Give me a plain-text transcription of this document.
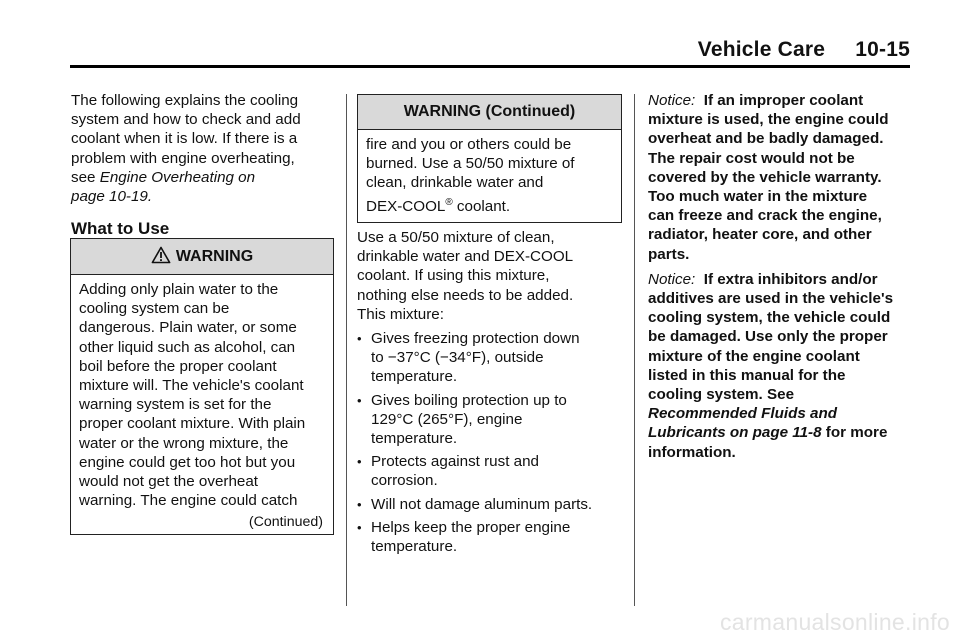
Vehicle Care     10-15
The following explains the cooling
system and how to check and add
coolant when it is low. If there is a
problem with engine overheating,
see Engine Overheating on
page 10-19.
What to Use
WARNING
Adding only plain water to the
cooling system can be
dangerous. Plain water, or some
other liquid such as alcohol, can
boil before the proper coolant
mixture will. The vehicle's coolant
warning system is set for the
proper coolant mixture. With plain
water or the wrong mixture, the
engine could get too hot but you
would not get the overheat
warning. The engine could catch
(Continued)
WARNING (Continued)
fire and you or others could be
burned. Use a 50/50 mixture of
clean, drinkable water and
DEX-COOL® coolant.
Use a 50/50 mixture of clean,
drinkable water and DEX-COOL
coolant. If using this mixture,
nothing else needs to be added.
This mixture:
• Gives freezing protection down
to −37°C (−34°F), outside
temperature.
• Gives boiling protection up to
129°C (265°F), engine
temperature.
• Protects against rust and
corrosion.
• Will not damage aluminum parts.
• Helps keep the proper engine
temperature.
Notice:  If an improper coolant
mixture is used, the engine could
overheat and be badly damaged.
The repair cost would not be
covered by the vehicle warranty.
Too much water in the mixture
can freeze and crack the engine,
radiator, heater core, and other
parts.
Notice:  If extra inhibitors and/or
additives are used in the vehicle's
cooling system, the vehicle could
be damaged. Use only the proper
mixture of the engine coolant
listed in this manual for the
cooling system. See
Recommended Fluids and
Lubricants on page 11-8 for more
information.
carmanualsonline.info
